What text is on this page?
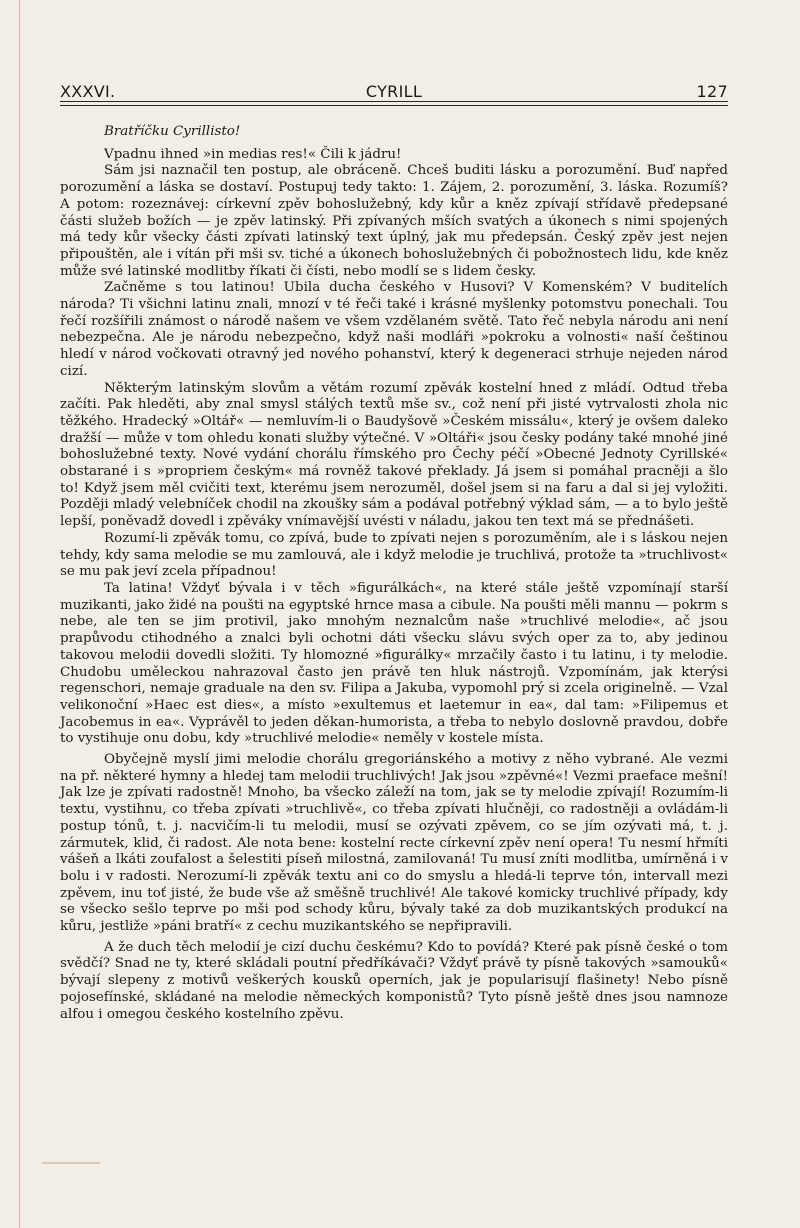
XXXVI.	CYRILL	127

Bratříčku Cyrillisto!

Vpadnu ihned »in medias res!« Čili k jádru!

Sám jsi naznačil ten postup, ale obráceně. Chceš buditi lásku a porozumění. Buď napřed porozumění a láska se dostaví. Postupuj tedy takto: 1. Zájem, 2. porozumění, 3. láska. Rozumíš? A potom: rozeznávej: církevní zpěv bohoslužebný, kdy kůr a kněz zpívají střídavě předepsané části služeb božích — je zpěv latinský. Při zpívaných mších svatých a úkonech s nimi spojených má tedy kůr všecky části zpívati latinský text úplný, jak mu předepsán. Český zpěv jest nejen připouštěn, ale i vítán při mši sv. tiché a úkonech bohoslužebných či pobožnostech lidu, kde kněz může své latinské modlitby říkati či čísti, nebo modlí se s lidem česky.

Začněme s tou latinou! Ubila ducha českého v Husovi? V Komenském? V buditelích národa? Ti všichni latinu znali, mnozí v té řeči také i krásné myšlenky potomstvu ponechali. Tou řečí rozšířili známost o národě našem ve všem vzdělaném světě. Tato řeč nebyla národu ani není nebezpečna. Ale je národu nebezpečno, když naši modláři »pokroku a volnosti« naší češtinou hledí v národ vočkovati otravný jed nového pohanství, který k degeneraci strhuje nejeden národ cizí.

Některým latinským slovům a větám rozumí zpěvák kostelní hned z mládí. Odtud třeba začíti. Pak hleděti, aby znal smysl stálých textů mše sv., což není při jisté vytrvalosti zhola nic těžkého. Hradecký »Oltář« — nemluvím-li o Baudyšově »Českém missálu«, který je ovšem daleko dražší — může v tom ohledu konati služby výtečné. V »Oltáři« jsou česky podány také mnohé jiné bohoslužebné texty. Nové vydání chorálu římského pro Čechy péčí »Obecné Jednoty Cyrillské« obstarané i s »propriem českým« má rovněž takové překlady. Já jsem si pomáhal pracněji a šlo to! Když jsem měl cvičiti text, kterému jsem nerozuměl, došel jsem si na faru a dal si jej vyložiti. Později mladý velebníček chodil na zkoušky sám a podával potřebný výklad sám, — a to bylo ještě lepší, poněvadž dovedl i zpěváky vnímavější uvésti v náladu, jakou ten text má se přednášeti.

Rozumí-li zpěvák tomu, co zpívá, bude to zpívati nejen s porozuměním, ale i s láskou nejen tehdy, kdy sama melodie se mu zamlouvá, ale i když melodie je truchlivá, protože ta »truchlivost« se mu pak jeví zcela případnou!

Ta latina! Vždyť bývala i v těch »figurálkách«, na které stále ještě vzpomínají starší muzikanti, jako židé na poušti na egyptské hrnce masa a cibule. Na poušti měli mannu — pokrm s nebe, ale ten se jim protivil, jako mnohým neznalcům naše »truchlivé melodie«, ač jsou prapůvodu ctihodného a znalci byli ochotni dáti všecku slávu svých oper za to, aby jedinou takovou melodii dovedli složiti. Ty hlomozné »figurálky« mrzačily často i tu latinu, i ty melodie. Chudobu uměleckou nahrazoval často jen právě ten hluk nástrojů. Vzpomínám, jak kterýsi regenschori, nemaje graduale na den sv. Filipa a Jakuba, vypomohl prý si zcela originelně. — Vzal velikonoční »Haec est dies«, a místo »exultemus et laetemur in ea«, dal tam: »Filipemus et Jacobemus in ea«. Vyprávěl to jeden děkan-humorista, a třeba to nebylo doslovně pravdou, dobře to vystihuje onu dobu, kdy »truchlivé melodie« neměly v kostele místa.

Obyčejně myslí jimi melodie chorálu gregoriánského a motivy z něho vybrané. Ale vezmi na př. některé hymny a hledej tam melodii truchlivých! Jak jsou »zpěvné«! Vezmi praeface mešní! Jak lze je zpívati radostně! Mnoho, ba všecko záleží na tom, jak se ty melodie zpívají! Rozumím-li textu, vystihnu, co třeba zpívati »truchlivě«, co třeba zpívati hlučněji, co radostněji a ovládám-li postup tónů, t. j. nacvičím-li tu melodii, musí se ozývati zpěvem, co se jím ozývati má, t. j. zármutek, klid, či radost. Ale nota bene: kostelní recte církevní zpěv není opera! Tu nesmí hřmíti vášeň a lkáti zoufalost a šelestiti píseň milostná, zamilovaná! Tu musí zníti modlitba, umírněná i v bolu i v radosti. Nerozumí-li zpěvák textu ani co do smyslu a hledá-li teprve tón, intervall mezi zpěvem, inu toť jisté, že bude vše až směšně truchlivé! Ale takové komicky truchlivé případy, kdy se všecko sešlo teprve po mši pod schody kůru, bývaly také za dob muzikantských produkcí na kůru, jestliže »páni bratří« z cechu muzikantského se nepřipravili.

A že duch těch melodií je cizí duchu českému? Kdo to povídá? Které pak písně české o tom svědčí? Snad ne ty, které skládali poutní předříkávači? Vždyť právě ty písně takových »samouků« bývají slepeny z motivů veškerých kousků operních, jak je popularisují flašinety! Nebo písně pojosefínské, skládané na melodie německých komponistů? Tyto písně ještě dnes jsou namnoze alfou i omegou českého kostelního zpěvu.
